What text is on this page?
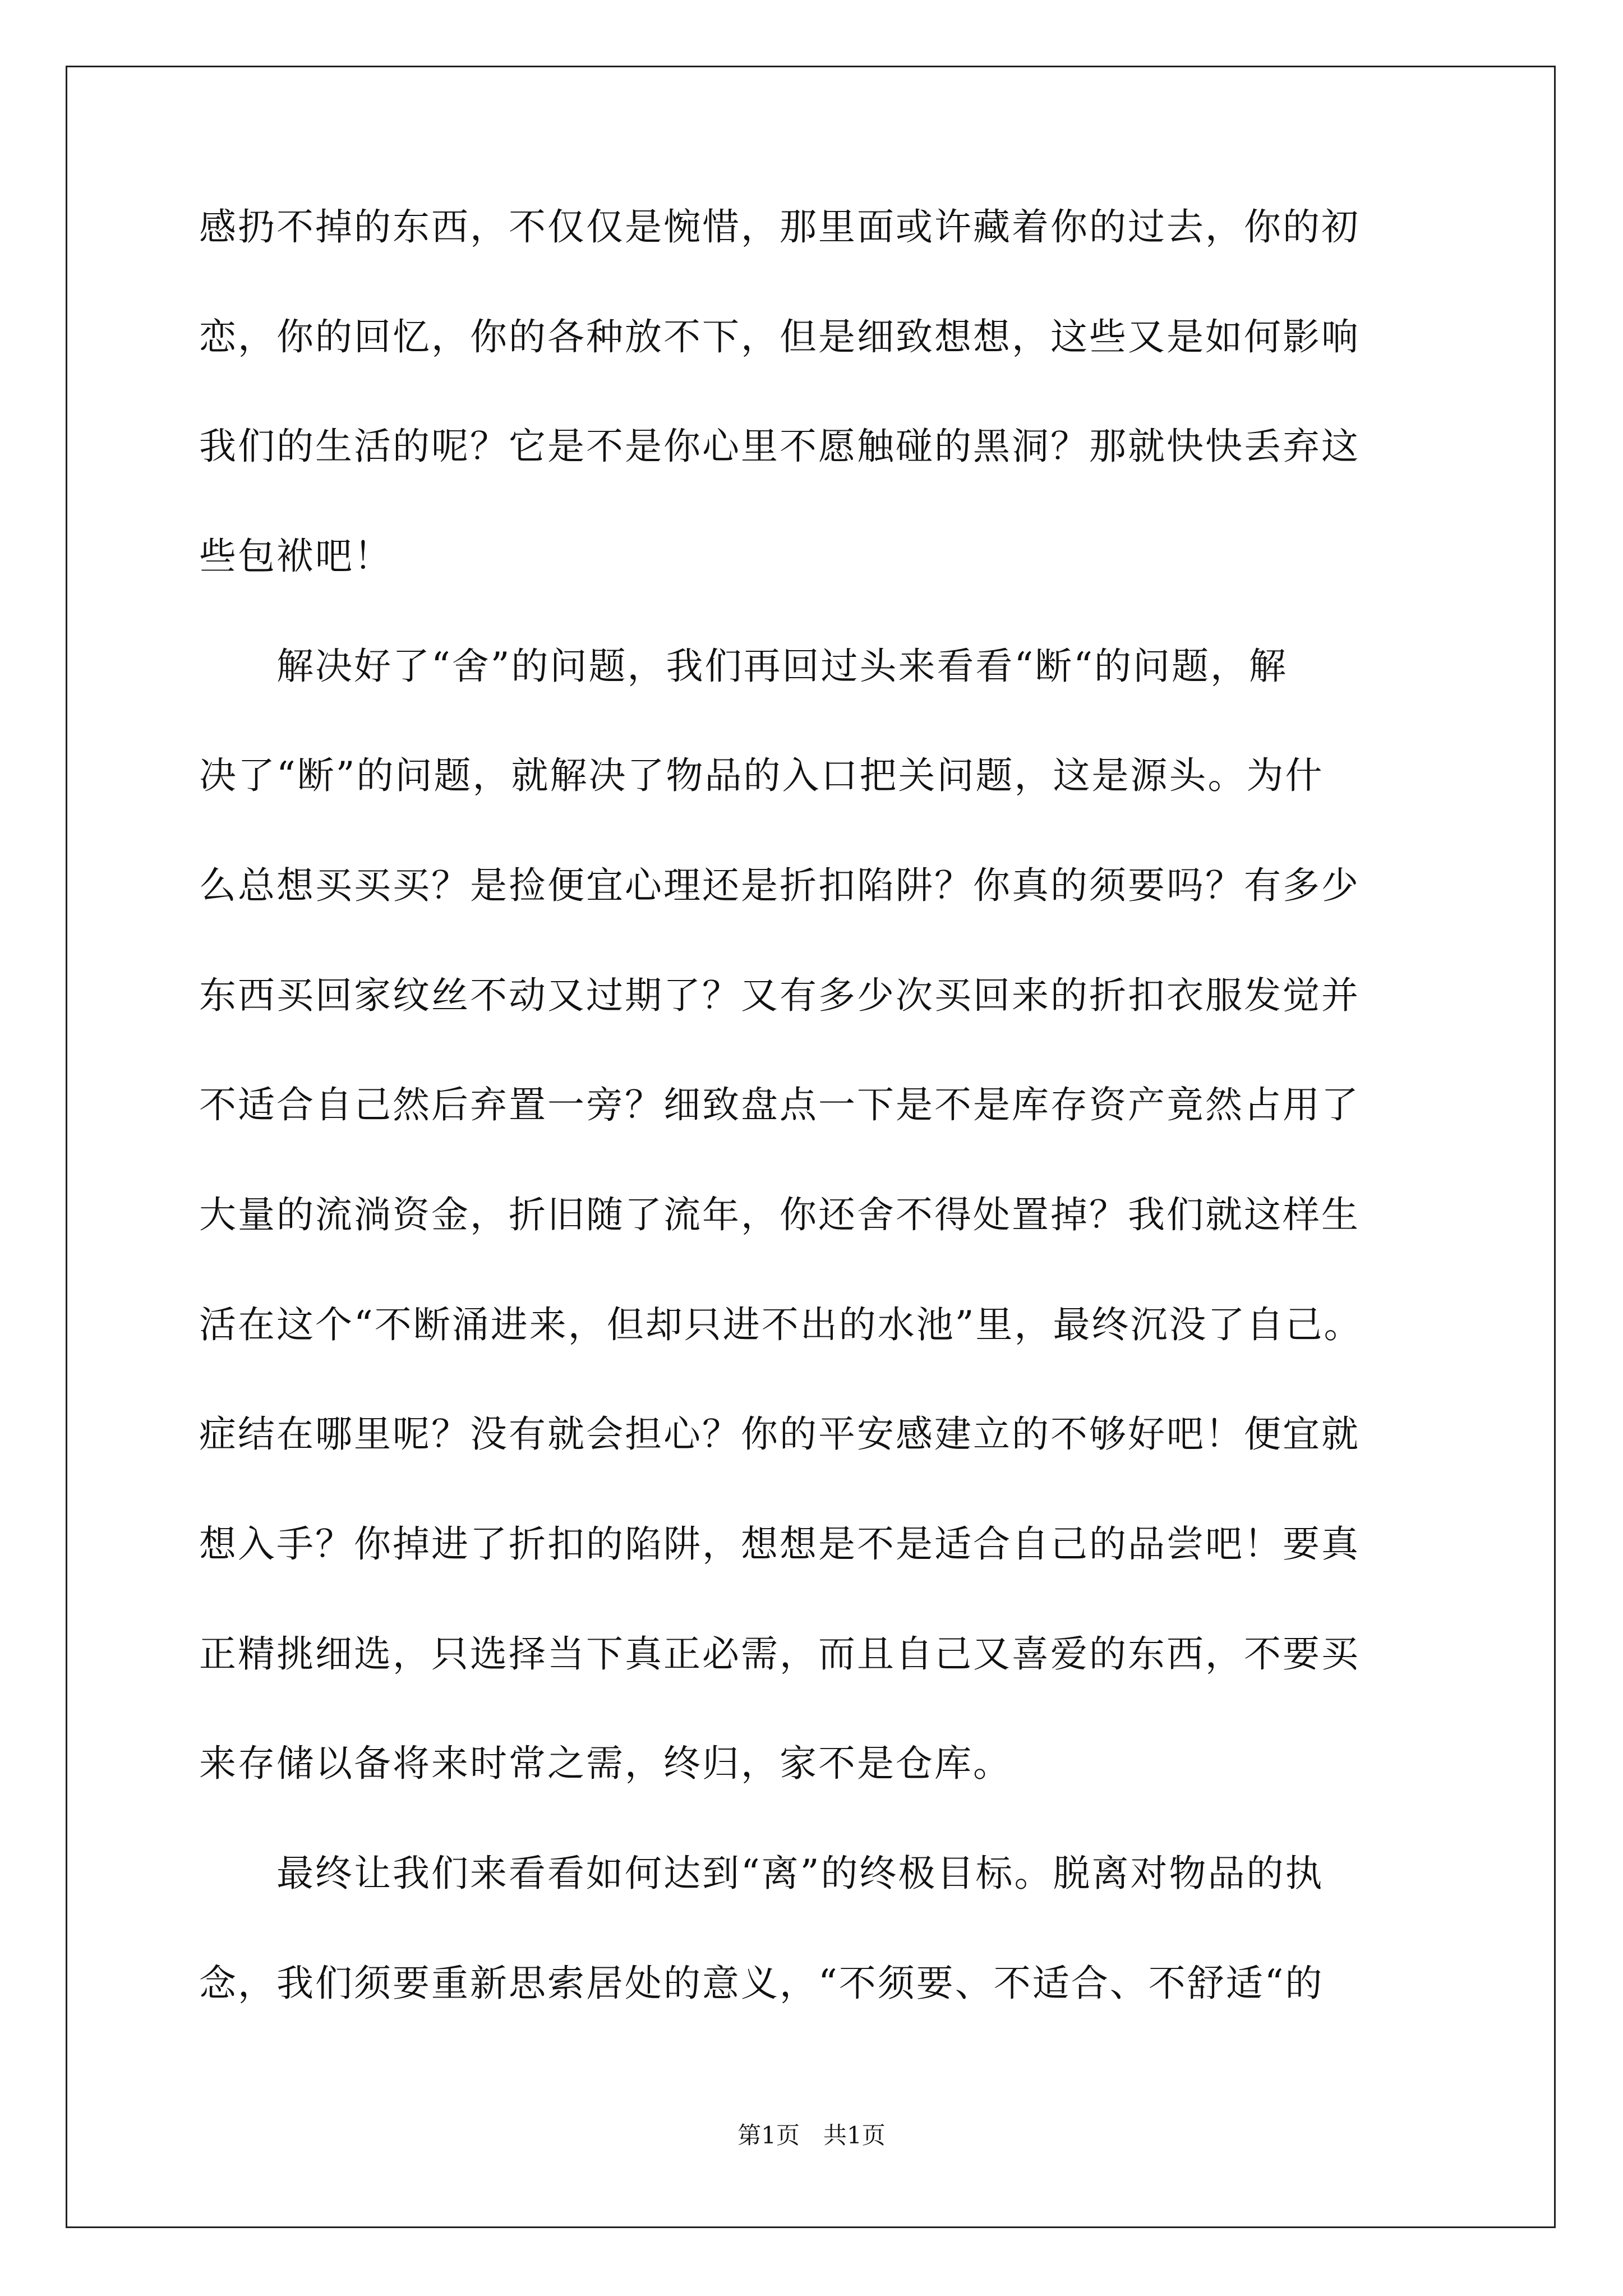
感扔不掉的东西，不仅仅是惋惜，那里面或许藏着你的过去，你的初
恋，你的回忆，你的各种放不下，但是细致想想，这些又是如何影响
我们的生活的呢？它是不是你心里不愿触碰的黑洞？那就快快丢弃这
些包袱吧！
　　解决好了“舍”的问题，我们再回过头来看看“断“的问题，解
决了“断”的问题，就解决了物品的入口把关问题，这是源头。为什
么总想买买买？是捡便宜心理还是折扣陷阱？你真的须要吗？有多少
东西买回家纹丝不动又过期了？又有多少次买回来的折扣衣服发觉并
不适合自己然后弃置一旁？细致盘点一下是不是库存资产竟然占用了
大量的流淌资金，折旧随了流年，你还舍不得处置掉？我们就这样生
活在这个“不断涌进来，但却只进不出的水池”里，最终沉没了自己。
症结在哪里呢？没有就会担心？你的平安感建立的不够好吧！便宜就
想入手？你掉进了折扣的陷阱，想想是不是适合自己的品尝吧！要真
正精挑细选，只选择当下真正必需，而且自己又喜爱的东西，不要买
来存储以备将来时常之需，终归，家不是仓库。
　　最终让我们来看看如何达到“离”的终极目标。脱离对物品的执
念，我们须要重新思索居处的意义，“不须要、不适合、不舒适“的
第1页　共1页
